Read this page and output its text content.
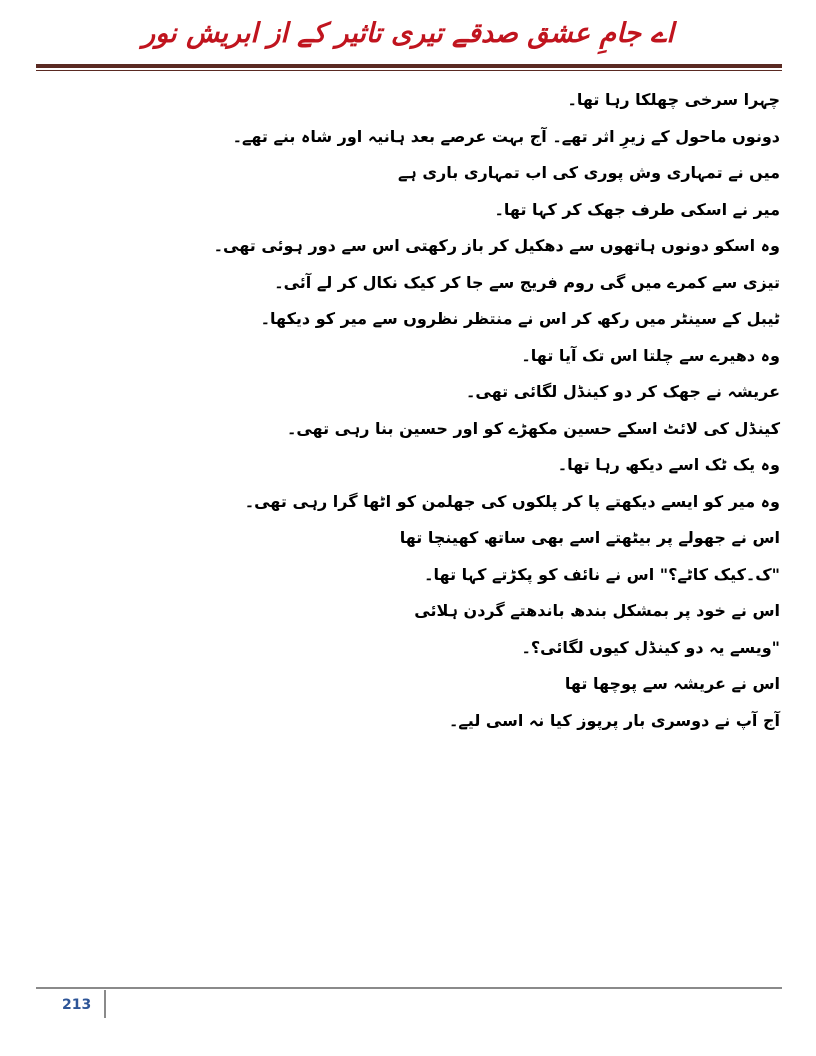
اے جامِ عشق صدقے تیری تاثیر کے از ابریش نور
چہرا سرخی چھلکا رہا تھا۔
دونوں ماحول کے زیرِ اثر تھے۔ آج بہت عرصے بعد ہانیہ اور شاہ بنے تھے۔
میں نے تمہاری وش پوری کی اب تمہاری باری ہے
میر نے اسکی طرف جھک کر کہا تھا۔
وہ اسکو دونوں ہاتھوں سے دھکیل کر باز رکھتی اس سے دور ہوئی تھی۔
تیزی سے کمرے میں گی روم فریج سے جا کر کیک نکال کر لے آئی۔
ٹیبل کے سینٹر میں رکھ کر اس نے منتظر نظروں سے میر کو دیکھا۔
وہ دھیرے سے چلتا اس تک آیا تھا۔
عریشہ نے جھک کر دو کینڈل لگائی تھی۔
کینڈل کی لائٹ اسکے حسین مکھڑے کو اور حسین بنا رہی تھی۔
وہ یک ٹک اسے دیکھ رہا تھا۔
وہ میر کو ایسے دیکھتے پا کر پلکوں کی جھلمن کو اٹھا گرا رہی تھی۔
اس نے جھولے پر بیٹھتے اسے بھی ساتھ کھینچا تھا
"ک۔کیک کاٹے؟" اس نے نائف کو پکڑتے کہا تھا۔
اس نے خود پر بمشکل بندھ باندھتے گردن ہلائی
"ویسے یہ دو کینڈل کیوں لگائی؟۔
اس نے عریشہ سے پوچھا تھا
آج آپ نے دوسری بار پرپوز کیا نہ اسی لیے۔
213
